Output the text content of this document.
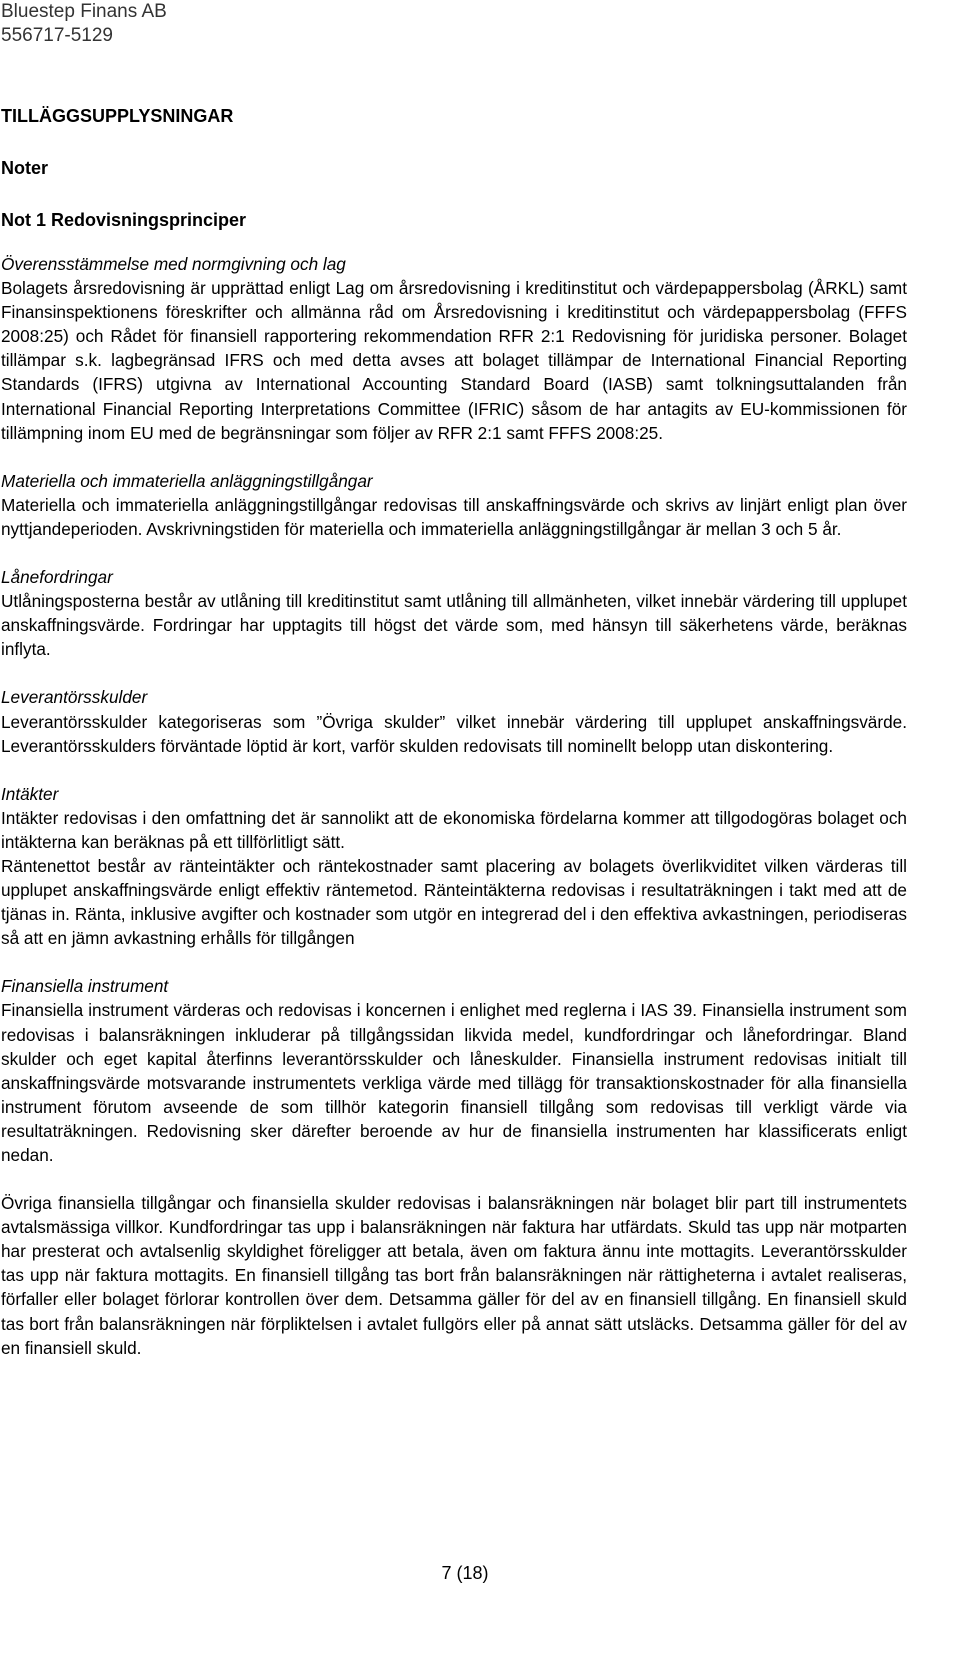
Bluestep Finans AB
556717-5129
TILLÄGGSUPPLYSNINGAR
Noter
Not 1 Redovisningsprinciper

Överensstämmelse med normgivning och lag

Bolagets årsredovisning är upprättad enligt Lag om årsredovisning i kreditinstitut och värdepappersbolag (ÅRKL) samt Finansinspektionens föreskrifter och allmänna råd om Årsredovisning i kreditinstitut och värdepappersbolag (FFFS 2008:25) och Rådet för finansiell rapportering rekommendation RFR 2:1 Redovisning för juridiska personer. Bolaget tillämpar s.k. lagbegränsad IFRS och med detta avses att bolaget tillämpar de International Financial Reporting Standards (IFRS) utgivna av International Accounting Standard Board (IASB) samt tolkningsuttalanden från International Financial Reporting Interpretations Committee (IFRIC) såsom de har antagits av EU-kommissionen för tillämpning inom EU med de begränsningar som följer av RFR 2:1 samt FFFS 2008:25.

Materiella och immateriella anläggningstillgångar

Materiella och immateriella anläggningstillgångar redovisas till anskaffningsvärde och skrivs av linjärt enligt plan över nyttjandeperioden. Avskrivningstiden för materiella och immateriella anläggningstillgångar är mellan 3 och 5 år.

Lånefordringar

Utlåningsposterna består av utlåning till kreditinstitut samt utlåning till allmänheten, vilket innebär värdering till upplupet anskaffningsvärde. Fordringar har upptagits till högst det värde som, med hänsyn till säkerhetens värde, beräknas inflyta.

Leverantörsskulder

Leverantörsskulder kategoriseras som ”Övriga skulder” vilket innebär värdering till upplupet anskaffningsvärde. Leverantörsskulders förväntade löptid är kort, varför skulden redovisats till nominellt belopp utan diskontering.

Intäkter

Intäkter redovisas i den omfattning det är sannolikt att de ekonomiska fördelarna kommer att tillgodogöras bolaget och intäkterna kan beräknas på ett tillförlitligt sätt.

Räntenettot består av ränteintäkter och räntekostnader samt placering av bolagets överlikviditet vilken värderas till upplupet anskaffningsvärde enligt effektiv räntemetod. Ränteintäkterna redovisas i resultaträkningen i takt med att de tjänas in. Ränta, inklusive avgifter och kostnader som utgör en integrerad del i den effektiva avkastningen, periodiseras så att en jämn avkastning erhålls för tillgången

Finansiella instrument

Finansiella instrument värderas och redovisas i koncernen i enlighet med reglerna i IAS 39. Finansiella instrument som redovisas i balansräkningen inkluderar på tillgångssidan likvida medel, kundfordringar och lånefordringar. Bland skulder och eget kapital återfinns leverantörsskulder och låneskulder. Finansiella instrument redovisas initialt till anskaffningsvärde motsvarande instrumentets verkliga värde med tillägg för transaktionskostnader för alla finansiella instrument förutom avseende de som tillhör kategorin finansiell tillgång som redovisas till verkligt värde via resultaträkningen. Redovisning sker därefter beroende av hur de finansiella instrumenten har klassificerats enligt nedan.

Övriga finansiella tillgångar och finansiella skulder redovisas i balansräkningen när bolaget blir part till instrumentets avtalsmässiga villkor. Kundfordringar tas upp i balansräkningen när faktura har utfärdats. Skuld tas upp när motparten har presterat och avtalsenlig skyldighet föreligger att betala, även om faktura ännu inte mottagits. Leverantörsskulder tas upp när faktura mottagits. En finansiell tillgång tas bort från balansräkningen när rättigheterna i avtalet realiseras, förfaller eller bolaget förlorar kontrollen över dem. Detsamma gäller för del av en finansiell tillgång. En finansiell skuld tas bort från balansräkningen när förpliktelsen i avtalet fullgörs eller på annat sätt utsläcks. Detsamma gäller för del av en finansiell skuld.

7 (18)
